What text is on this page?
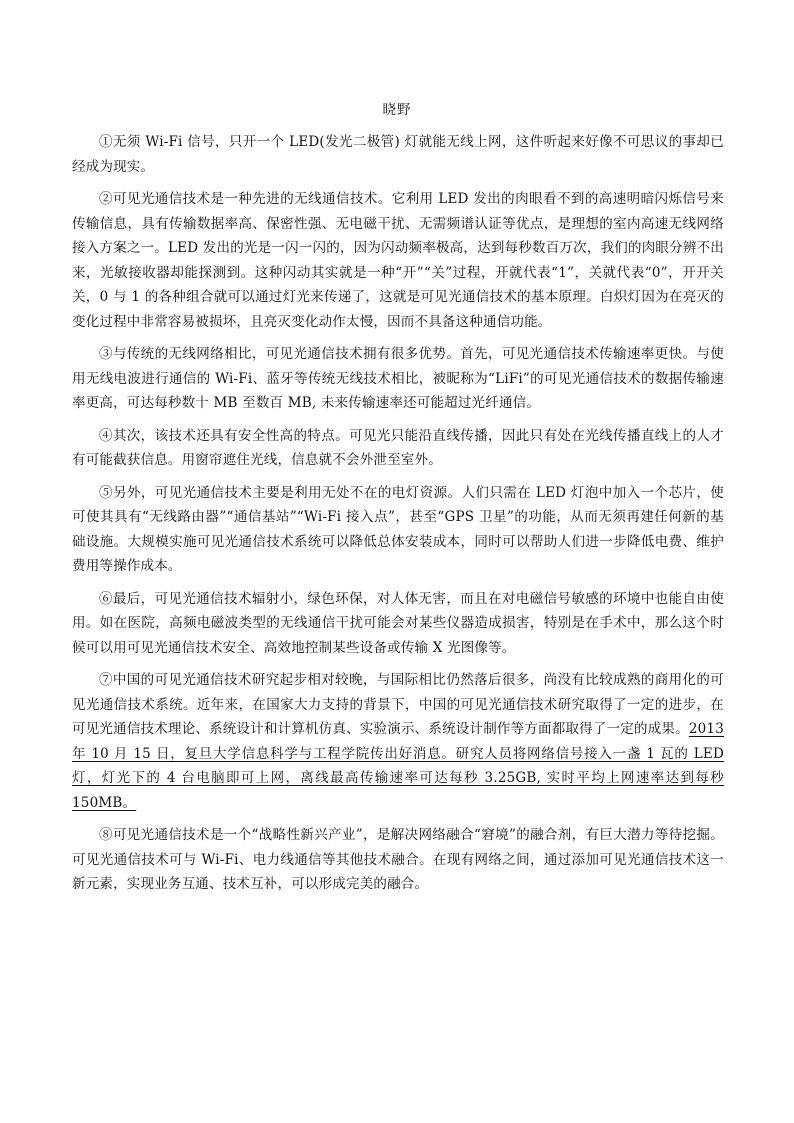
晓野

①无须 Wi-Fi 信号，只开一个 LED(发光二极管) 灯就能无线上网，这件听起来好像不可思议的事却已经成为现实。

②可见光通信技术是一种先进的无线通信技术。它利用 LED 发出的肉眼看不到的高速明暗闪烁信号来传输信息，具有传输数据率高、保密性强、无电磁干扰、无需频谱认证等优点，是理想的室内高速无线网络接入方案之一。LED 发出的光是一闪一闪的，因为闪动频率极高，达到每秒数百万次，我们的肉眼分辨不出来，光敏接收器却能探测到。这种闪动其实就是一种“开”“关”过程，开就代表“1”，关就代表“0”，开开关关，0 与 1 的各种组合就可以通过灯光来传递了，这就是可见光通信技术的基本原理。白炽灯因为在亮灭的变化过程中非常容易被损坏，且亮灭变化动作太慢，因而不具备这种通信功能。

③与传统的无线网络相比，可见光通信技术拥有很多优势。首先，可见光通信技术传输速率更快。与使用无线电波进行通信的 Wi-Fi、蓝牙等传统无线技术相比，被昵称为“LiFi”的可见光通信技术的数据传输速率更高，可达每秒数十 MB 至数百 MB, 未来传输速率还可能超过光纤通信。

④其次，该技术还具有安全性高的特点。可见光只能沿直线传播，因此只有处在光线传播直线上的人才有可能截获信息。用窗帘遮住光线，信息就不会外泄至室外。

⑤另外，可见光通信技术主要是利用无处不在的电灯资源。人们只需在 LED 灯泡中加入一个芯片，使可使其具有“无线路由器”“通信基站”“Wi-Fi 接入点”，甚至“GPS 卫星”的功能，从而无须再建任何新的基础设施。大规模实施可见光通信技术系统可以降低总体安装成本，同时可以帮助人们进一步降低电费、维护费用等操作成本。

⑥最后，可见光通信技术辐射小，绿色环保，对人体无害，而且在对电磁信号敏感的环境中也能自由使用。如在医院，高频电磁波类型的无线通信干扰可能会对某些仪器造成损害，特别是在手术中，那么这个时候可以用可见光通信技术安全、高效地控制某些设备或传输 X 光图像等。

⑦中国的可见光通信技术研究起步相对较晚，与国际相比仍然落后很多，尚没有比较成熟的商用化的可见光通信技术系统。近年来，在国家大力支持的背景下，中国的可见光通信技术研究取得了一定的进步，在可见光通信技术理论、系统设计和计算机仿真、实验演示、系统设计制作等方面都取得了一定的成果。2013 年 10 月 15 日，复旦大学信息科学与工程学院传出好消息。研究人员将网络信号接入一盏 1 瓦的 LED 灯，灯光下的 4 台电脑即可上网，离线最高传输速率可达每秒 3.25GB, 实时平均上网速率达到每秒 150MB。

⑧可见光通信技术是一个“战略性新兴产业”，是解决网络融合“窘境”的融合剂，有巨大潜力等待挖掘。可见光通信技术可与 Wi-Fi、电力线通信等其他技术融合。在现有网络之间，通过添加可见光通信技术这一新元素，实现业务互通、技术互补，可以形成完美的融合。
